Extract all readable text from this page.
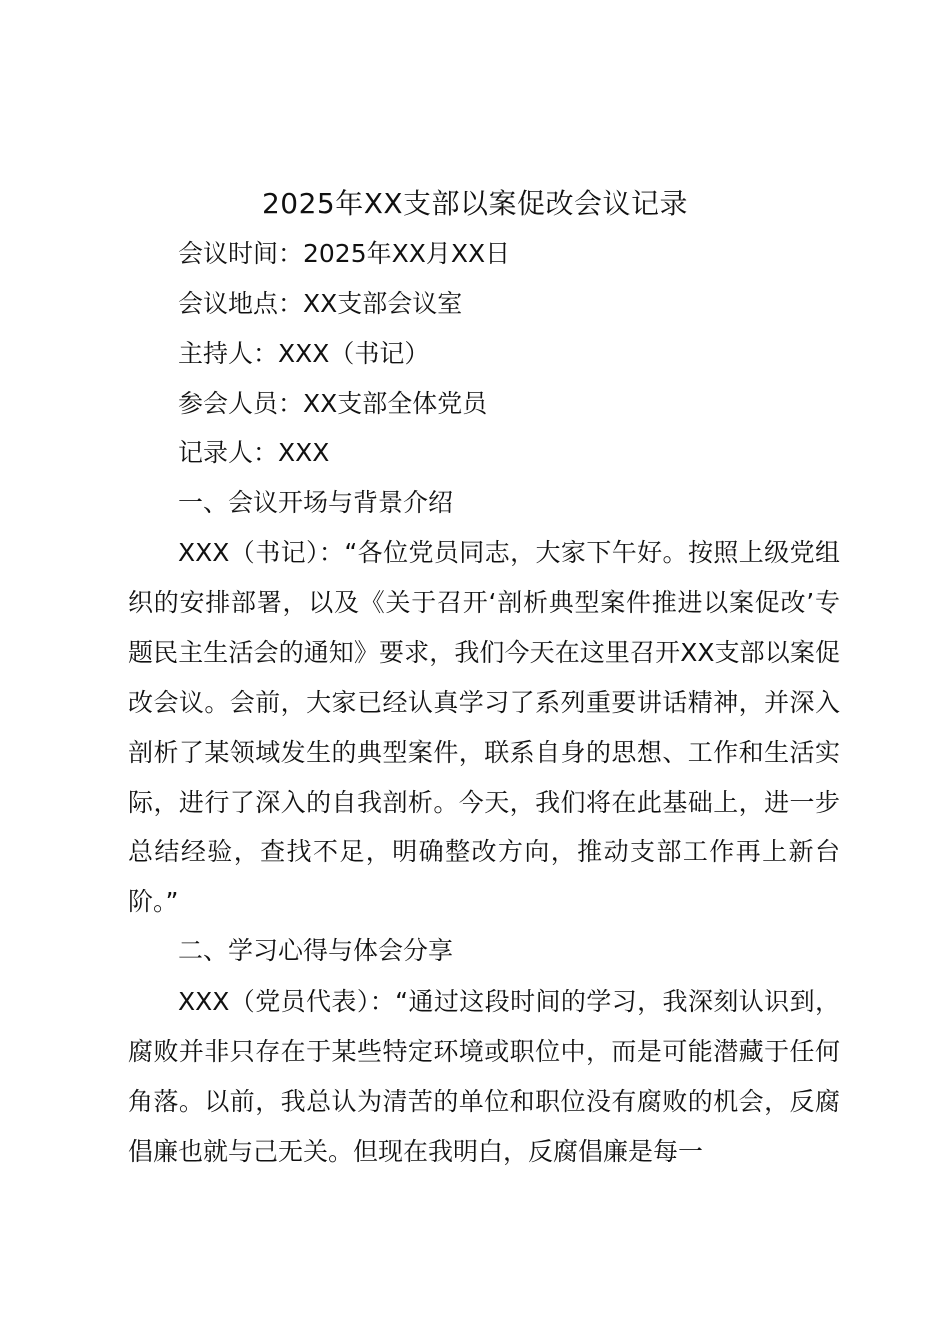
2025年XX支部以案促改会议记录

会议时间：2025年XX月XX日

会议地点：XX支部会议室

主持人：XXX（书记）

参会人员：XX支部全体党员

记录人：XXX

一、会议开场与背景介绍

XXX（书记）：“各位党员同志，大家下午好。按照上级党组织的安排部署，以及《关于召开‘剖析典型案件推进以案促改’专题民主生活会的通知》要求，我们今天在这里召开XX支部以案促改会议。会前，大家已经认真学习了系列重要讲话精神，并深入剖析了某领域发生的典型案件，联系自身的思想、工作和生活实际，进行了深入的自我剖析。今天，我们将在此基础上，进一步总结经验，查找不足，明确整改方向，推动支部工作再上新台阶。”

二、学习心得与体会分享

XXX（党员代表）：“通过这段时间的学习，我深刻认识到，腐败并非只存在于某些特定环境或职位中，而是可能潜藏于任何角落。以前，我总认为清苦的单位和职位没有腐败的机会，反腐倡廉也就与己无关。但现在我明白，反腐倡廉是每一
